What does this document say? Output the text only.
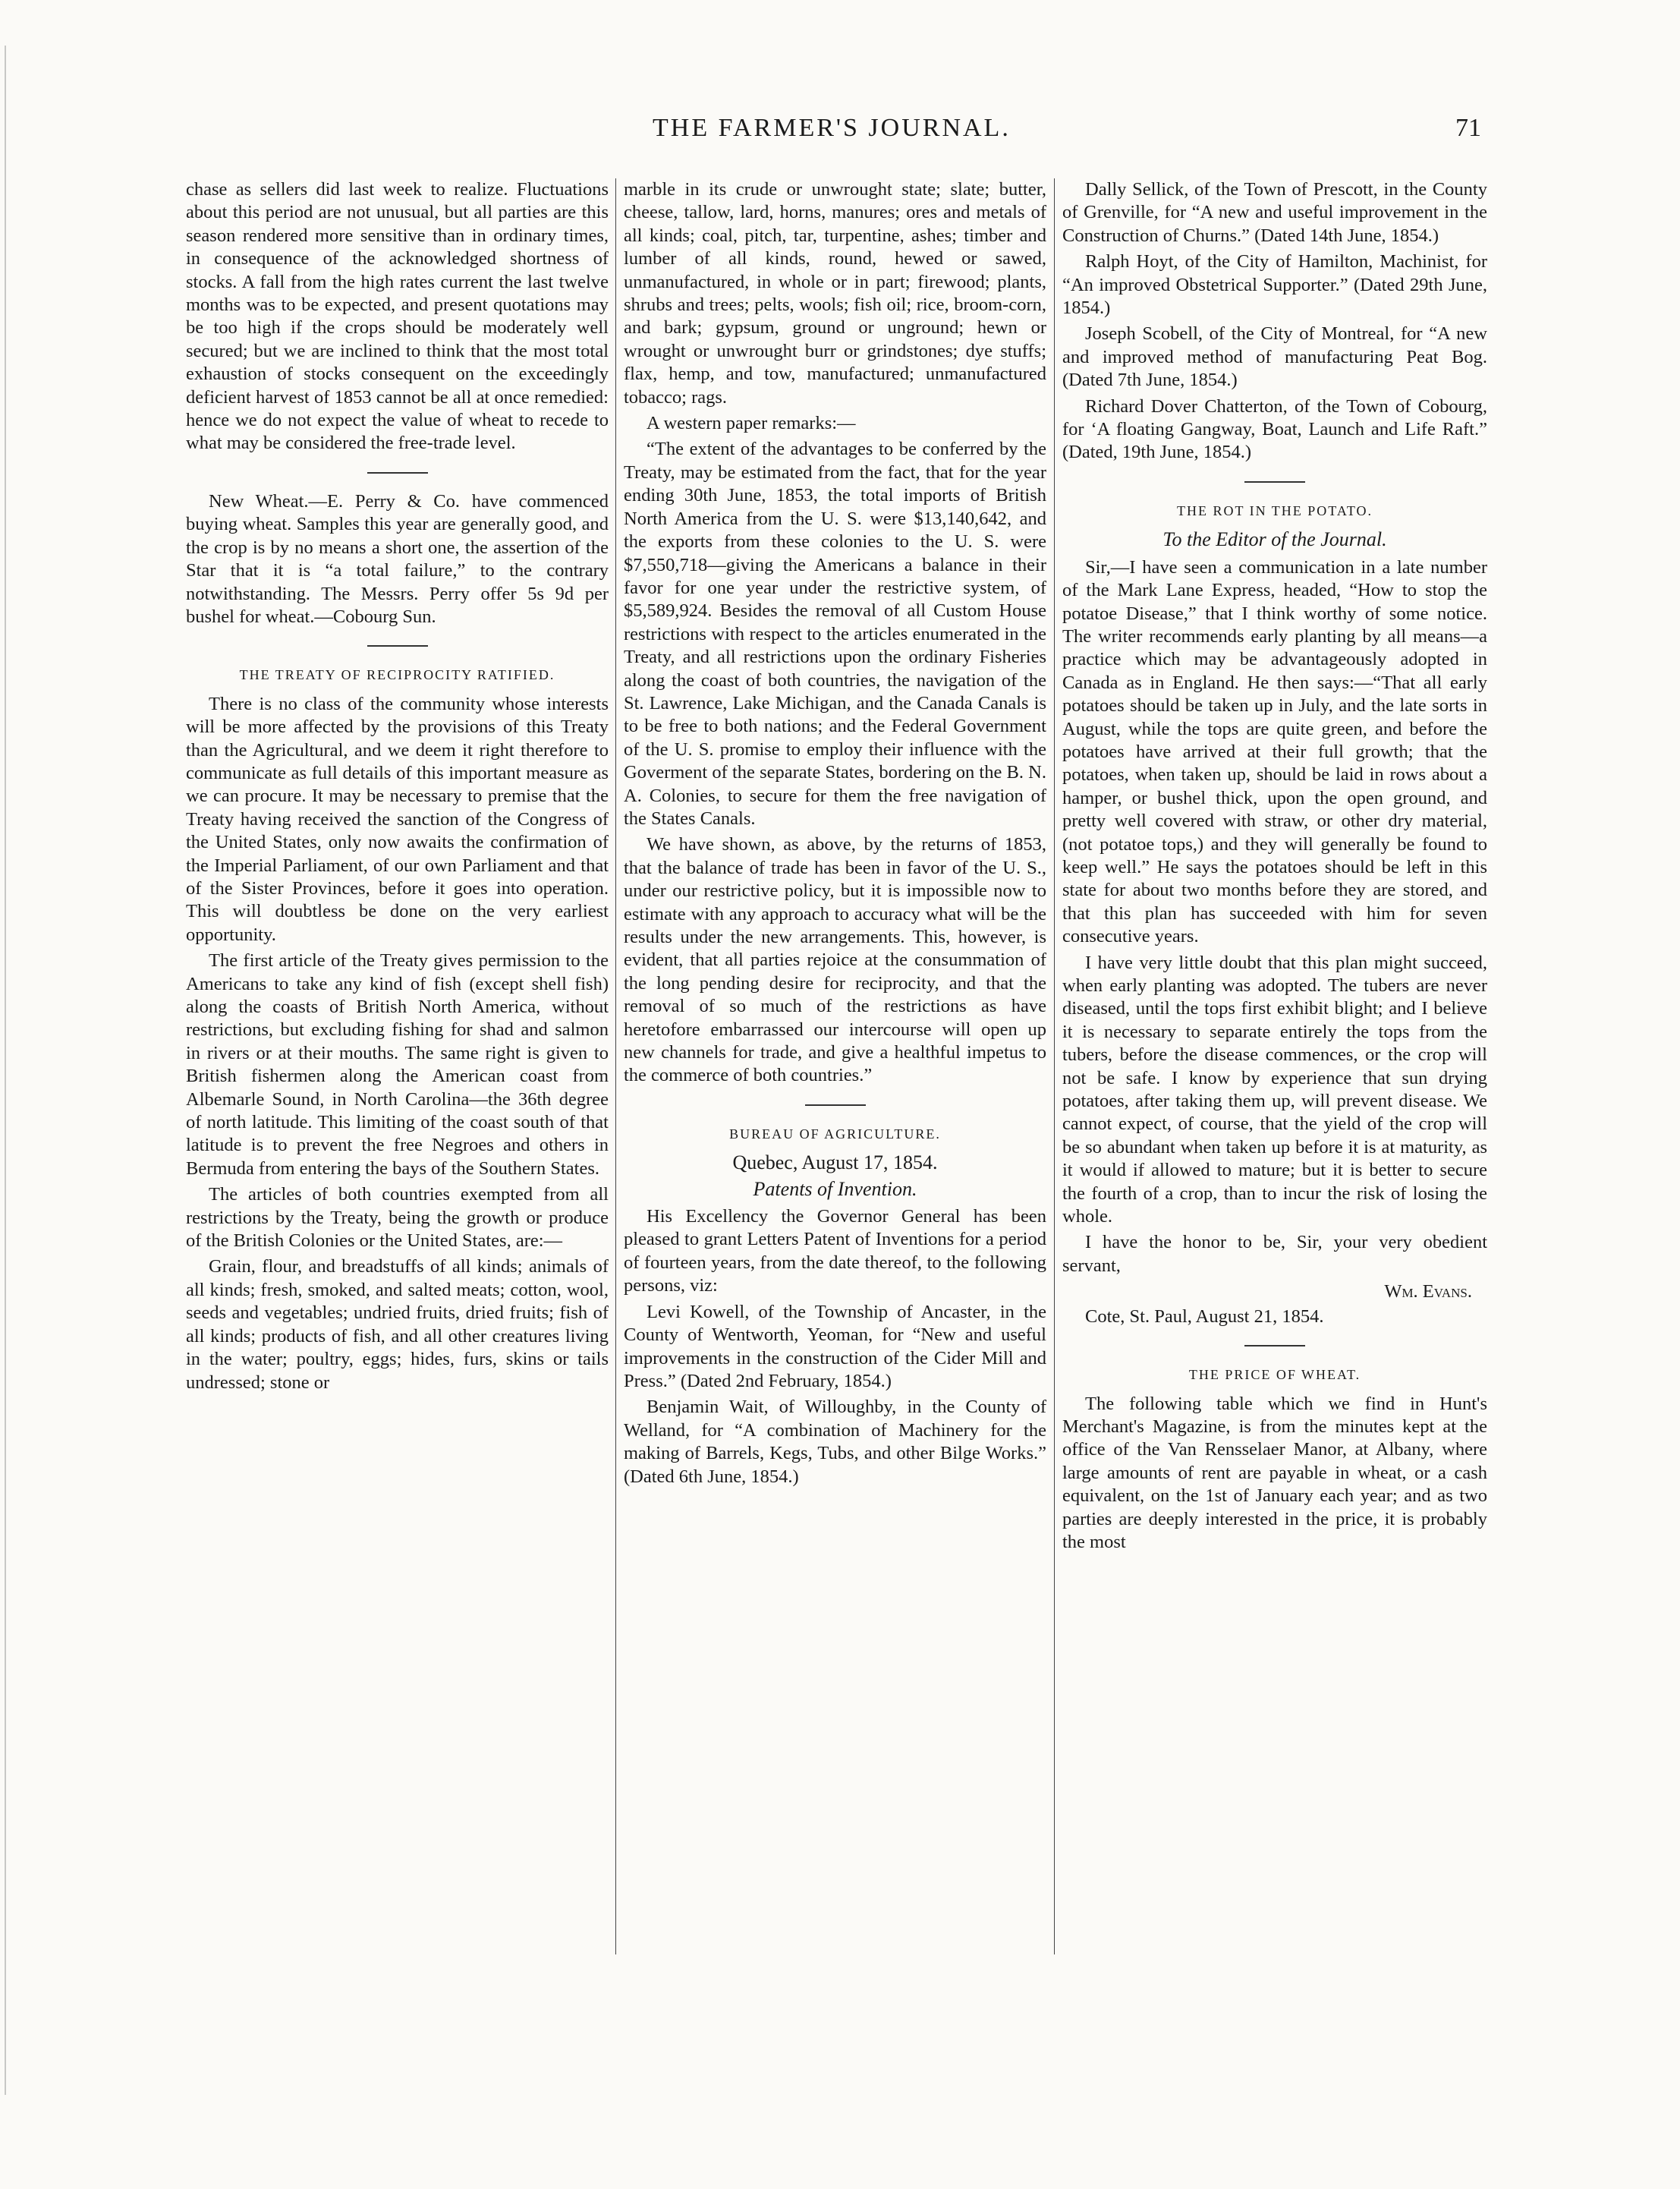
THE FARMER'S JOURNAL.	71

chase as sellers did last week to realize. Fluctuations about this period are not unusual, but all parties are this season rendered more sensitive than in ordinary times, in consequence of the acknowledged shortness of stocks. A fall from the high rates current the last twelve months was to be expected, and present quotations may be too high if the crops should be moderately well secured; but we are inclined to think that the most total exhaustion of stocks consequent on the exceedingly deficient harvest of 1853 cannot be all at once remedied: hence we do not expect the value of wheat to recede to what may be considered the free-trade level.

New Wheat.—E. Perry & Co. have commenced buying wheat. Samples this year are generally good, and the crop is by no means a short one, the assertion of the Star that it is “a total failure,” to the contrary notwithstanding. The Messrs. Perry offer 5s 9d per bushel for wheat.—Cobourg Sun.

THE TREATY OF RECIPROCITY RATIFIED.

There is no class of the community whose interests will be more affected by the provisions of this Treaty than the Agricultural, and we deem it right therefore to communicate as full details of this important measure as we can procure. It may be necessary to premise that the Treaty having received the sanction of the Congress of the United States, only now awaits the confirmation of the Imperial Parliament, of our own Parliament and that of the Sister Provinces, before it goes into operation. This will doubtless be done on the very earliest opportunity.

The first article of the Treaty gives permission to the Americans to take any kind of fish (except shell fish) along the coasts of British North America, without restrictions, but excluding fishing for shad and salmon in rivers or at their mouths. The same right is given to British fishermen along the American coast from Albemarle Sound, in North Carolina—the 36th degree of north latitude. This limiting of the coast south of that latitude is to prevent the free Negroes and others in Bermuda from entering the bays of the Southern States.

The articles of both countries exempted from all restrictions by the Treaty, being the growth or produce of the British Colonies or the United States, are:—

Grain, flour, and breadstuffs of all kinds; animals of all kinds; fresh, smoked, and salted meats; cotton, wool, seeds and vegetables; undried fruits, dried fruits; fish of all kinds; products of fish, and all other creatures living in the water; poultry, eggs; hides, furs, skins or tails undressed; stone or

marble in its crude or unwrought state; slate; butter, cheese, tallow, lard, horns, manures; ores and metals of all kinds; coal, pitch, tar, turpentine, ashes; timber and lumber of all kinds, round, hewed or sawed, unmanufactured, in whole or in part; firewood; plants, shrubs and trees; pelts, wools; fish oil; rice, broom-corn, and bark; gypsum, ground or unground; hewn or wrought or unwrought burr or grindstones; dye stuffs; flax, hemp, and tow, manufactured; unmanufactured tobacco; rags.

A western paper remarks:—

“The extent of the advantages to be conferred by the Treaty, may be estimated from the fact, that for the year ending 30th June, 1853, the total imports of British North America from the U. S. were $13,140,642, and the exports from these colonies to the U. S. were $7,550,718—giving the Americans a balance in their favor for one year under the restrictive system, of $5,589,924. Besides the removal of all Custom House restrictions with respect to the articles enumerated in the Treaty, and all restrictions upon the ordinary Fisheries along the coast of both countries, the navigation of the St. Lawrence, Lake Michigan, and the Canada Canals is to be free to both nations; and the Federal Government of the U. S. promise to employ their influence with the Goverment of the separate States, bordering on the B. N. A. Colonies, to secure for them the free navigation of the States Canals.

We have shown, as above, by the returns of 1853, that the balance of trade has been in favor of the U. S., under our restrictive policy, but it is impossible now to estimate with any approach to accuracy what will be the results under the new arrangements. This, however, is evident, that all parties rejoice at the consummation of the long pending desire for reciprocity, and that the removal of so much of the restrictions as have heretofore embarrassed our intercourse will open up new channels for trade, and give a healthful impetus to the commerce of both countries.”

BUREAU OF AGRICULTURE.
Quebec, August 17, 1854.
Patents of Invention.

His Excellency the Governor General has been pleased to grant Letters Patent of Inventions for a period of fourteen years, from the date thereof, to the following persons, viz:

Levi Kowell, of the Township of Ancaster, in the County of Wentworth, Yeoman, for “New and useful improvements in the construction of the Cider Mill and Press.” (Dated 2nd February, 1854.)

Benjamin Wait, of Willoughby, in the County of Welland, for “A combination of Machinery for the making of Barrels, Kegs, Tubs, and other Bilge Works.” (Dated 6th June, 1854.)

Dally Sellick, of the Town of Prescott, in the County of Grenville, for “A new and useful improvement in the Construction of Churns.” (Dated 14th June, 1854.)

Ralph Hoyt, of the City of Hamilton, Machinist, for “An improved Obstetrical Supporter.” (Dated 29th June, 1854.)

Joseph Scobell, of the City of Montreal, for “A new and improved method of manufacturing Peat Bog. (Dated 7th June, 1854.)

Richard Dover Chatterton, of the Town of Cobourg, for ‘A floating Gangway, Boat, Launch and Life Raft.” (Dated, 19th June, 1854.)

THE ROT IN THE POTATO.
To the Editor of the Journal.

Sir,—I have seen a communication in a late number of the Mark Lane Express, headed, “How to stop the potatoe Disease,” that I think worthy of some notice. The writer recommends early planting by all means—a practice which may be advantageously adopted in Canada as in England. He then says:—“That all early potatoes should be taken up in July, and the late sorts in August, while the tops are quite green, and before the potatoes have arrived at their full growth; that the potatoes, when taken up, should be laid in rows about a hamper, or bushel thick, upon the open ground, and pretty well covered with straw, or other dry material, (not potatoe tops,) and they will generally be found to keep well.” He says the potatoes should be left in this state for about two months before they are stored, and that this plan has succeeded with him for seven consecutive years.

I have very little doubt that this plan might succeed, when early planting was adopted. The tubers are never diseased, until the tops first exhibit blight; and I believe it is necessary to separate entirely the tops from the tubers, before the disease commences, or the crop will not be safe. I know by experience that sun drying potatoes, after taking them up, will prevent disease. We cannot expect, of course, that the yield of the crop will be so abundant when taken up before it is at maturity, as it would if allowed to mature; but it is better to secure the fourth of a crop, than to incur the risk of losing the whole.

I have the honor to be, Sir, your very obedient servant,

Wm. Evans.
Cote, St. Paul, August 21, 1854.
THE PRICE OF WHEAT.

The following table which we find in Hunt's Merchant's Magazine, is from the minutes kept at the office of the Van Rensselaer Manor, at Albany, where large amounts of rent are payable in wheat, or a cash equivalent, on the 1st of January each year; and as two parties are deeply interested in the price, it is probably the most
